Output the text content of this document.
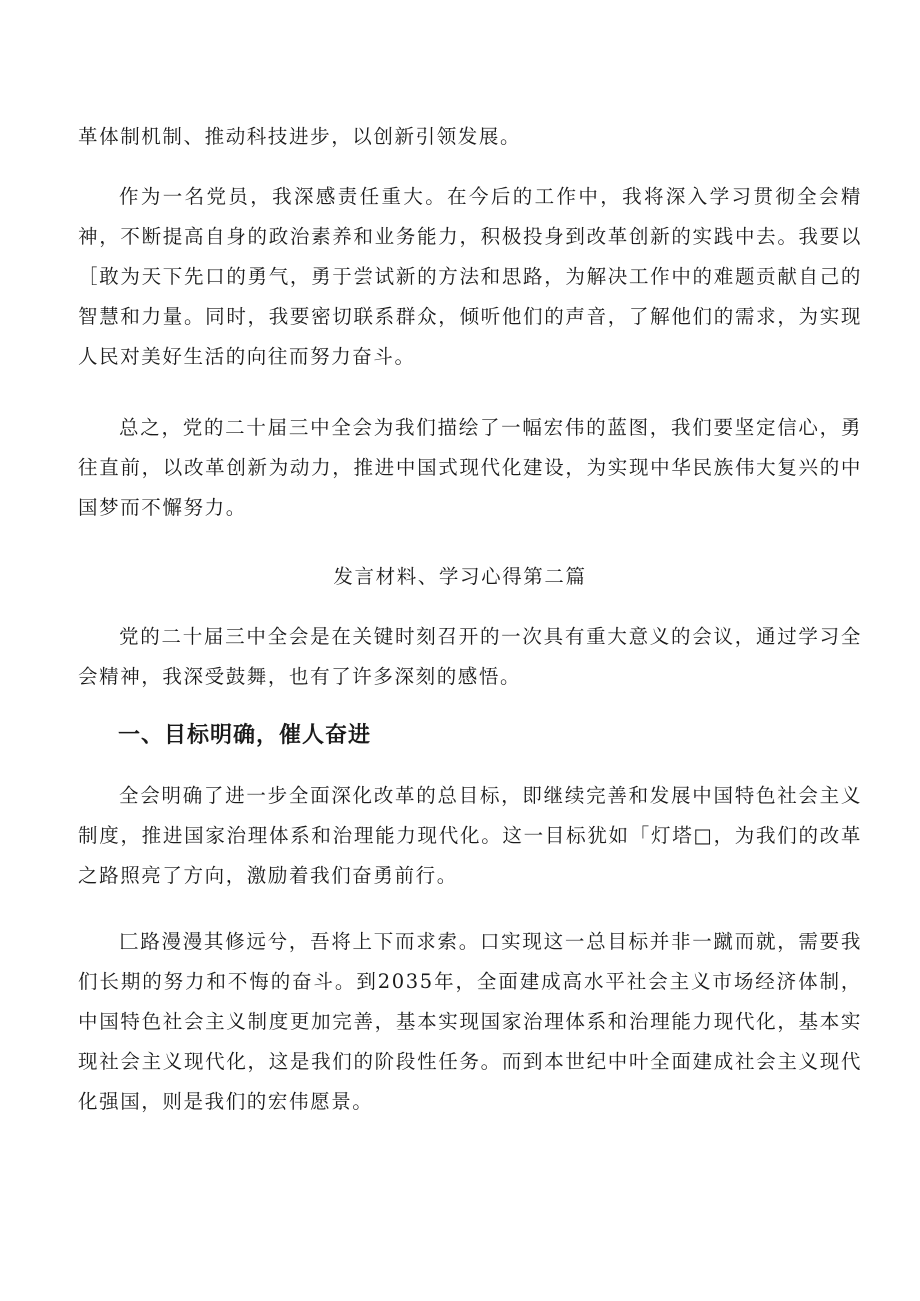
革体制机制、推动科技进步，以创新引领发展。

作为一名党员，我深感责任重大。在今后的工作中，我将深入学习贯彻全会精神，不断提高自身的政治素养和业务能力，积极投身到改革创新的实践中去。我要以［敢为天下先口的勇气，勇于尝试新的方法和思路，为解决工作中的难题贡献自己的智慧和力量。同时，我要密切联系群众，倾听他们的声音，了解他们的需求，为实现人民对美好生活的向往而努力奋斗。

总之，党的二十届三中全会为我们描绘了一幅宏伟的蓝图，我们要坚定信心，勇往直前，以改革创新为动力，推进中国式现代化建设，为实现中华民族伟大复兴的中国梦而不懈努力。

发言材料、学习心得第二篇

党的二十届三中全会是在关键时刻召开的一次具有重大意义的会议，通过学习全会精神，我深受鼓舞，也有了许多深刻的感悟。

一、目标明确，催人奋进

全会明确了进一步全面深化改革的总目标，即继续完善和发展中国特色社会主义制度，推进国家治理体系和治理能力现代化。这一目标犹如「灯塔□，为我们的改革之路照亮了方向，激励着我们奋勇前行。

匚路漫漫其修远兮，吾将上下而求索。口实现这一总目标并非一蹴而就，需要我们长期的努力和不悔的奋斗。到2035年，全面建成高水平社会主义市场经济体制，中国特色社会主义制度更加完善，基本实现国家治理体系和治理能力现代化，基本实现社会主义现代化，这是我们的阶段性任务。而到本世纪中叶全面建成社会主义现代化强国，则是我们的宏伟愿景。
